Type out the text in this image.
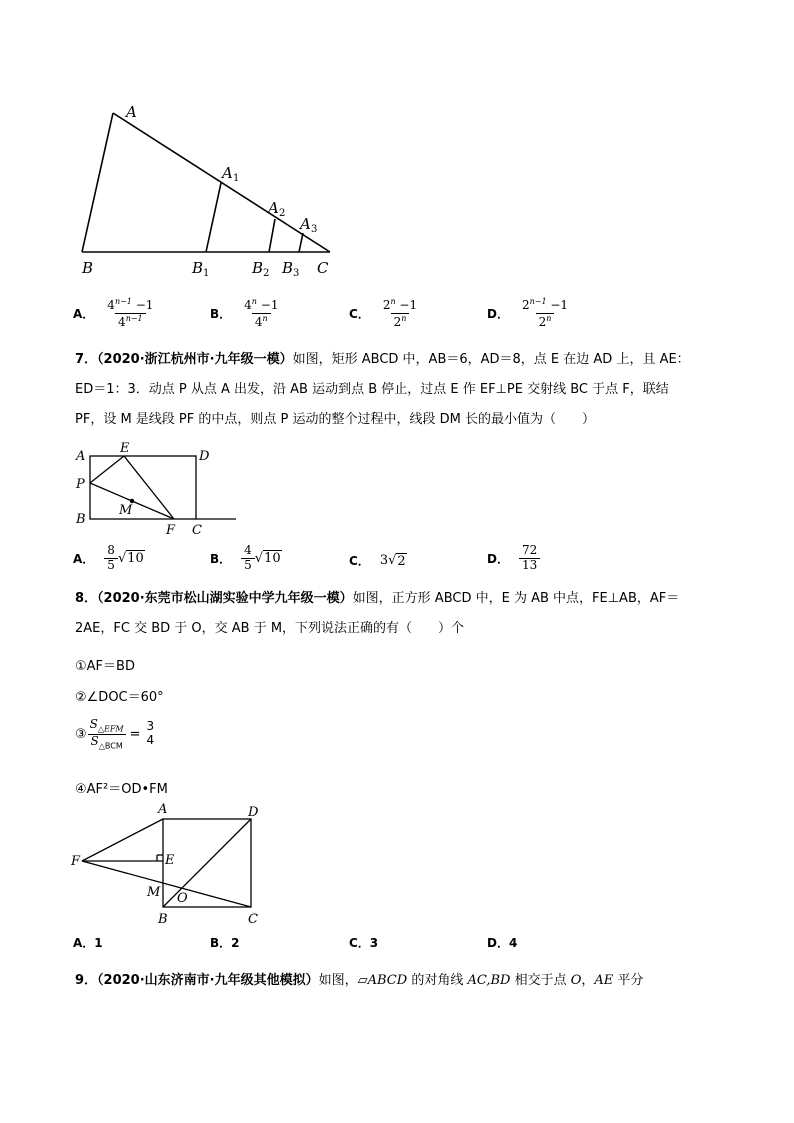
A
A 1
A 2
A 3
B	B 1	B 2 B 3 C
A． $\frac{4^{n-1} -1}{4^{n-1}}$	B． $\frac{4^n -1}{4^n}$	C． $\frac{2^n -1}{2^n}$	D． $\frac{2^{n-1} -1}{2^n}$
7．（2020·浙江杭州市·九年级一模）如图，矩形 ABCD 中，AB＝6，AD＝8，点 E 在边 AD 上，且 AE：
ED＝1：3．动点 P 从点 A 出发，沿 AB 运动到点 B 停止，过点 E 作 EF⊥PE 交射线 BC 于点 F，联结
PF，设 M 是线段 PF 的中点，则点 P 运动的整个过程中，线段 DM 长的最小值为（　　）
A
E
D
P
M
B
F C
A． $\frac{8}{5}$ √ 10	B． $\frac{4}{5}$ √ 10	C． 3 √ 2	D． $\frac{72}{13}$
8．（2020·东莞市松山湖实验中学九年级一模）如图，正方形 ABCD 中，E 为 AB 中点，FE⊥AB，AF＝
2AE，FC 交 BD 于 O，交 AB 于 M，下列说法正确的有（　　）个
①AF＝BD
②∠DOC＝60°
③ $\frac{S_{\triangle EFM}}{S_{\triangle BCM}}$ =
3
4
④AF²＝OD•FM
A	D
F	E
M O
B	C
A．1	B．2	C．3	D．4
9．（2020·山东济南市·九年级其他模拟）如图，▱ABCD 的对角线 AC,BD 相交于点 O，AE 平分
